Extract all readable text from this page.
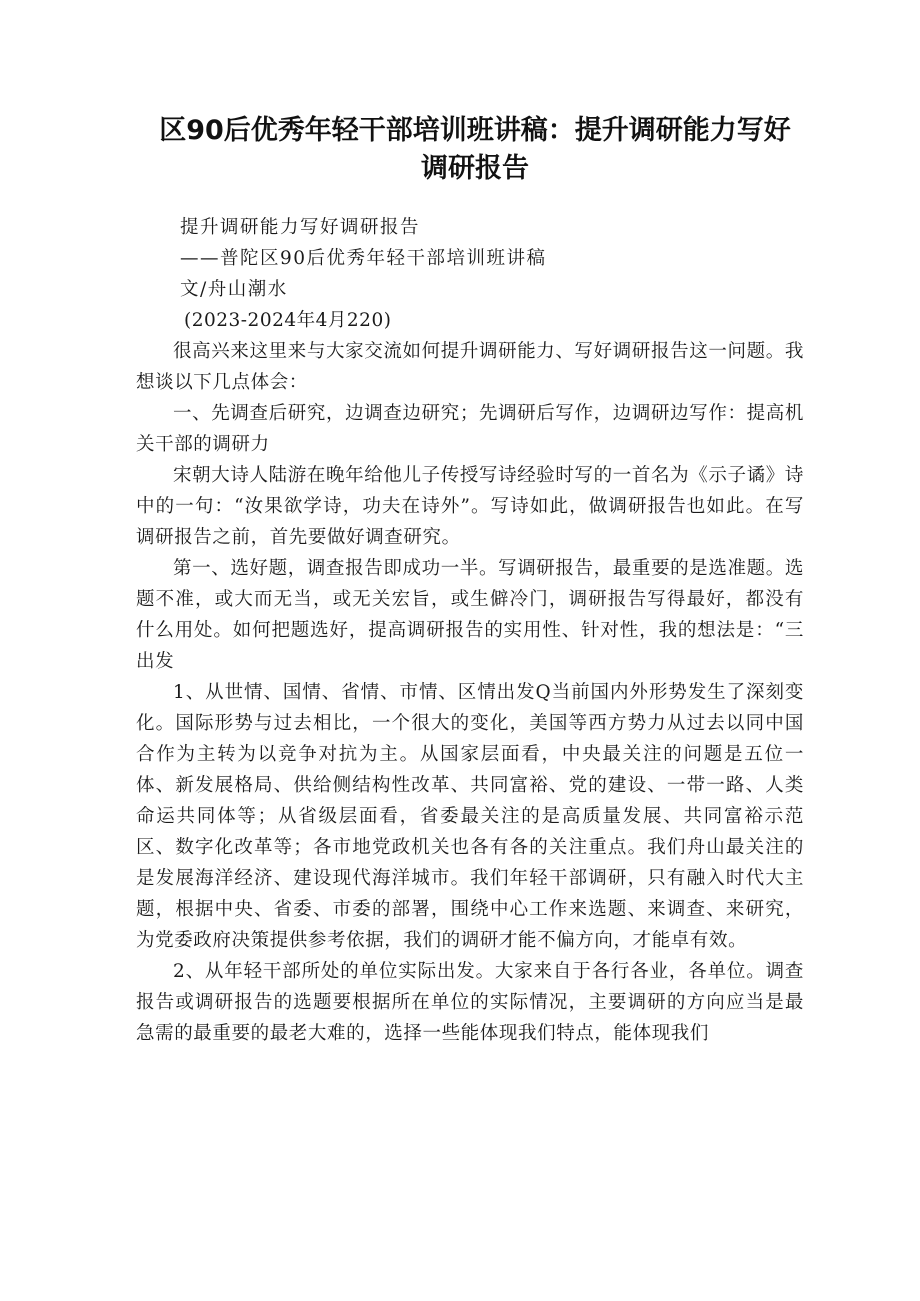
区90后优秀年轻干部培训班讲稿：提升调研能力写好调研报告

提升调研能力写好调研报告

——普陀区90后优秀年轻干部培训班讲稿

文/舟山潮水

(2023-2024年4月220)

很高兴来这里来与大家交流如何提升调研能力、写好调研报告这一问题。我想谈以下几点体会：

一、先调查后研究，边调查边研究；先调研后写作，边调研边写作：提高机关干部的调研力

宋朝大诗人陆游在晚年给他儿子传授写诗经验时写的一首名为《示子谲》诗中的一句：“汝果欲学诗，功夫在诗外”。写诗如此，做调研报告也如此。在写调研报告之前，首先要做好调查研究。

第一、选好题，调查报告即成功一半。写调研报告，最重要的是选准题。选题不准，或大而无当，或无关宏旨，或生僻冷门，调研报告写得最好，都没有什么用处。如何把题选好，提高调研报告的实用性、针对性，我的想法是：“三出发

1、从世情、国情、省情、市情、区情出发Q当前国内外形势发生了深刻变化。国际形势与过去相比，一个很大的变化，美国等西方势力从过去以同中国合作为主转为以竞争对抗为主。从国家层面看，中央最关注的问题是五位一体、新发展格局、供给侧结构性改革、共同富裕、党的建设、一带一路、人类命运共同体等；从省级层面看，省委最关注的是高质量发展、共同富裕示范区、数字化改革等；各市地党政机关也各有各的关注重点。我们舟山最关注的是发展海洋经济、建设现代海洋城市。我们年轻干部调研，只有融入时代大主题，根据中央、省委、市委的部署，围绕中心工作来选题、来调查、来研究，为党委政府决策提供参考依据，我们的调研才能不偏方向，才能卓有效。

2、从年轻干部所处的单位实际出发。大家来自于各行各业，各单位。调查报告或调研报告的选题要根据所在单位的实际情况，主要调研的方向应当是最急需的最重要的最老大难的，选择一些能体现我们特点，能体现我们
